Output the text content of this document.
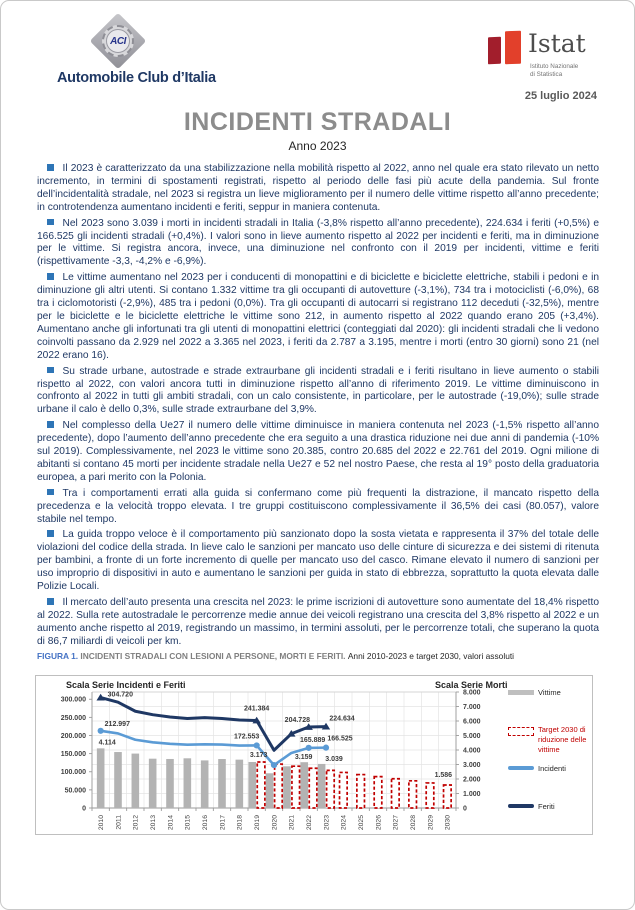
ACI
Automobile Club d’Italia
Istat
Istituto Nazionale
di Statistica
25 luglio 2024
INCIDENTI STRADALI
Anno 2023

Il 2023 è caratterizzato da una stabilizzazione nella mobilità rispetto al 2022, anno nel quale era stato rilevato un netto incremento, in termini di spostamenti registrati, rispetto al periodo delle fasi più acute della pandemia. Sul fronte dell’incidentalità stradale, nel 2023 si registra un lieve miglioramento per il numero delle vittime rispetto all’anno precedente; in controtendenza aumentano incidenti e feriti, seppur in maniera contenuta.

Nel 2023 sono 3.039 i morti in incidenti stradali in Italia (-3,8% rispetto all’anno precedente), 224.634 i feriti (+0,5%) e 166.525 gli incidenti stradali (+0,4%). I valori sono in lieve aumento rispetto al 2022 per incidenti e feriti, ma in diminuzione per le vittime. Si registra ancora, invece, una diminuzione nel confronto con il 2019 per incidenti, vittime e feriti (rispettivamente -3,3, -4,2% e -6,9%).

Le vittime aumentano nel 2023 per i conducenti di monopattini e di biciclette e biciclette elettriche, stabili i pedoni e in diminuzione gli altri utenti. Si contano 1.332 vittime tra gli occupanti di autovetture (-3,1%), 734 tra i motociclisti (-6,0%), 68 tra i ciclomotoristi (-2,9%), 485 tra i pedoni (0,0%). Tra gli occupanti di autocarri si registrano 112 deceduti (-32,5%), mentre per le biciclette e le biciclette elettriche le vittime sono 212, in aumento rispetto al 2022 quando erano 205 (+3,4%). Aumentano anche gli infortunati tra gli utenti di monopattini elettrici (conteggiati dal 2020): gli incidenti stradali che li vedono coinvolti passano da 2.929 nel 2022 a 3.365 nel 2023, i feriti da 2.787 a 3.195, mentre i morti (entro 30 giorni) sono 21 (nel 2022 erano 16).

Su strade urbane, autostrade e strade extraurbane gli incidenti stradali e i feriti risultano in lieve aumento o stabili rispetto al 2022, con valori ancora tutti in diminuzione rispetto all’anno di riferimento 2019. Le vittime diminuiscono in confronto al 2022 in tutti gli ambiti stradali, con un calo consistente, in particolare, per le autostrade (-19,0%); sulle strade urbane il calo è dello 0,3%, sulle strade extraurbane del 3,9%.

Nel complesso della Ue27 il numero delle vittime diminuisce in maniera contenuta nel 2023 (-1,5% rispetto all’anno precedente), dopo l’aumento dell’anno precedente che era seguito a una drastica riduzione nei due anni di pandemia (-10% sul 2019). Complessivamente, nel 2023 le vittime sono 20.385, contro 20.685 del 2022 e 22.761 del 2019. Ogni milione di abitanti si contano 45 morti per incidente stradale nella Ue27 e 52 nel nostro Paese, che resta al 19° posto della graduatoria europea, a pari merito con la Polonia.

Tra i comportamenti errati alla guida si confermano come più frequenti la distrazione, il mancato rispetto della precedenza e la velocità troppo elevata. I tre gruppi costituiscono complessivamente il 36,5% dei casi (80.057), valore stabile nel tempo.

La guida troppo veloce è il comportamento più sanzionato dopo la sosta vietata e rappresenta il 37% del totale delle violazioni del codice della strada. In lieve calo le sanzioni per mancato uso delle cinture di sicurezza e dei sistemi di ritenuta per bambini, a fronte di un forte incremento di quelle per mancato uso del casco. Rimane elevato il numero di sanzioni per uso improprio di dispositivi in auto e aumentano le sanzioni per guida in stato di ebbrezza, soprattutto la quota elevata dalle Polizie Locali.

Il mercato dell’auto presenta una crescita nel 2023: le prime iscrizioni di autovetture sono aumentate del 18,4% rispetto al 2022. Sulla rete autostradale le percorrenze medie annue dei veicoli registrano una crescita del 3,8% rispetto al 2022 e un aumento anche rispetto al 2019, registrando un massimo, in termini assoluti, per le percorrenze totali, che superano la quota di 86,7 miliardi di veicoli per km.

FIGURA 1. INCIDENTI STRADALI CON LESIONI A PERSONE, MORTI E FERITI. Anni 2010-2023 e target 2030, valori assoluti
0
50.000
100.000
150.000
200.000
250.000
300.000
0
1.000
2.000
3.000
4.000
5.000
6.000
7.000
8.000
2010 2011 2012 2013 2014 2015 2016 2017 2018 2019 2020 2021 2022 2023 2024 2025 2026 2027 2028 2029 2030
304.720
212.997
4.114
241.384
172.553
3.173
204.728
165.889
3.159
224.634
166.525
3.039
1.586
Scala Serie Incidenti e Feriti	Scala Serie Morti
Vittime
Target 2030 di riduzione delle vittime
Incidenti
Feriti
